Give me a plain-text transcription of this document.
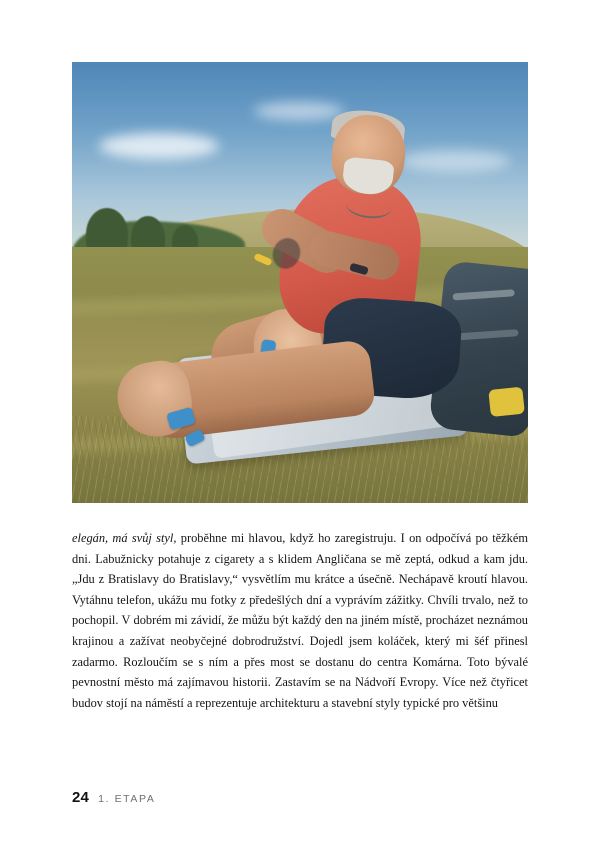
elegán, má svůj styl, proběhne mi hlavou, když ho zaregistruju. I on odpočívá po těžkém dni. Labužnicky potahuje z cigarety a s klidem Angličana se mě zeptá, odkud a kam jdu. „Jdu z Bratislavy do Bratislavy,“ vysvětlím mu krátce a úsečně. Nechápavě kroutí hlavou. Vytáhnu telefon, ukážu mu fotky z předešlých dní a vyprávím zážitky. Chvíli trvalo, než to pochopil. V dobrém mi závidí, že můžu být každý den na jiném místě, procházet neznámou krajinou a zažívat neobyčejné dobrodružství. Dojedl jsem koláček, který mi šéf přinesl zadarmo. Rozloučím se s ním a přes most se dostanu do centra Komárna. Toto bývalé pevnostní město má zajímavou historii. Zastavím se na Nádvoří Evropy. Více než čtyřicet budov stojí na náměstí a reprezentuje architekturu a stavební styly typické pro většinu
24 1. ETAPA
